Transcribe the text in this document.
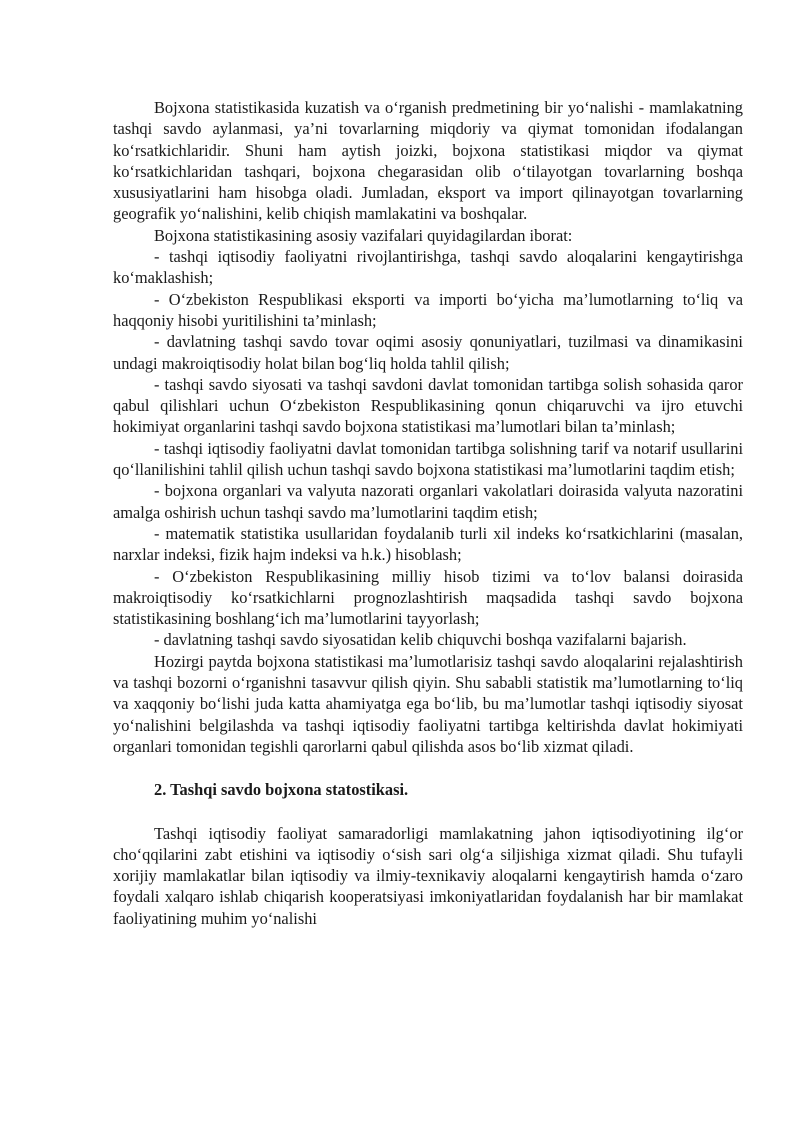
Bojxona statistikasida kuzatish va o‘rganish predmetining bir yo‘nalishi - mamlakatning tashqi savdo aylanmasi, ya’ni tovarlarning miqdoriy va qiymat tomonidan ifodalangan ko‘rsatkichlaridir. Shuni ham aytish joizki, bojxona statistikasi miqdor va qiymat ko‘rsatkichlaridan tashqari, bojxona chegarasidan olib o‘tilayotgan tovarlarning boshqa xususiyatlarini ham hisobga oladi. Jumladan, eksport va import qilinayotgan tovarlarning geografik yo‘nalishini, kelib chiqish mamlakatini va boshqalar.

Bojxona statistikasining asosiy vazifalari quyidagilardan iborat:

- tashqi iqtisodiy faoliyatni rivojlantirishga, tashqi savdo aloqalarini kengaytirishga ko‘maklashish;

- O‘zbekiston Respublikasi eksporti va importi bo‘yicha ma’lumotlarning to‘liq va haqqoniy hisobi yuritilishini ta’minlash;

- davlatning tashqi savdo tovar oqimi asosiy qonuniyatlari, tuzilmasi va dinamikasini undagi makroiqtisodiy holat bilan bog‘liq holda tahlil qilish;

- tashqi savdo siyosati va tashqi savdoni davlat tomonidan tartibga solish sohasida qaror qabul qilishlari uchun O‘zbekiston Respublikasining qonun chiqaruvchi va ijro etuvchi hokimiyat organlarini tashqi savdo bojxona statistikasi ma’lumotlari bilan ta’minlash;

- tashqi iqtisodiy faoliyatni davlat tomonidan tartibga solishning tarif va notarif usullarini qo‘llanilishini tahlil qilish uchun tashqi savdo bojxona statistikasi ma’lumotlarini taqdim etish;

- bojxona organlari va valyuta nazorati organlari vakolatlari doirasida valyuta nazoratini amalga oshirish uchun tashqi savdo ma’lumotlarini taqdim etish;

- matematik statistika usullaridan foydalanib turli xil indeks ko‘rsatkichlarini (masalan, narxlar indeksi, fizik hajm indeksi va h.k.) hisoblash;

- O‘zbekiston Respublikasining milliy hisob tizimi va to‘lov balansi doirasida makroiqtisodiy ko‘rsatkichlarni prognozlashtirish maqsadida tashqi savdo bojxona statistikasining boshlang‘ich ma’lumotlarini tayyorlash;

- davlatning tashqi savdo siyosatidan kelib chiquvchi boshqa vazifalarni bajarish.

Hozirgi paytda bojxona statistikasi ma’lumotlarisiz tashqi savdo aloqalarini rejalashtirish va tashqi bozorni o‘rganishni tasavvur qilish qiyin. Shu sababli statistik ma’lumotlarning to‘liq va xaqqoniy bo‘lishi juda katta ahamiyatga ega bo‘lib, bu ma’lumotlar tashqi iqtisodiy siyosat yo‘nalishini belgilashda va tashqi iqtisodiy faoliyatni tartibga keltirishda davlat hokimiyati organlari tomonidan tegishli qarorlarni qabul qilishda asos bo‘lib xizmat qiladi.

2. Tashqi savdo bojxona statostikasi.

Tashqi iqtisodiy faoliyat samaradorligi mamlakatning jahon iqtisodiyotining ilg‘or cho‘qqilarini zabt etishini va iqtisodiy o‘sish sari olg‘a siljishiga xizmat qiladi. Shu tufayli xorijiy mamlakatlar bilan iqtisodiy va ilmiy-texnikaviy aloqalarni kengaytirish hamda o‘zaro foydali xalqaro ishlab chiqarish kooperatsiyasi imkoniyatlaridan foydalanish har bir mamlakat faoliyatining muhim yo‘nalishi
